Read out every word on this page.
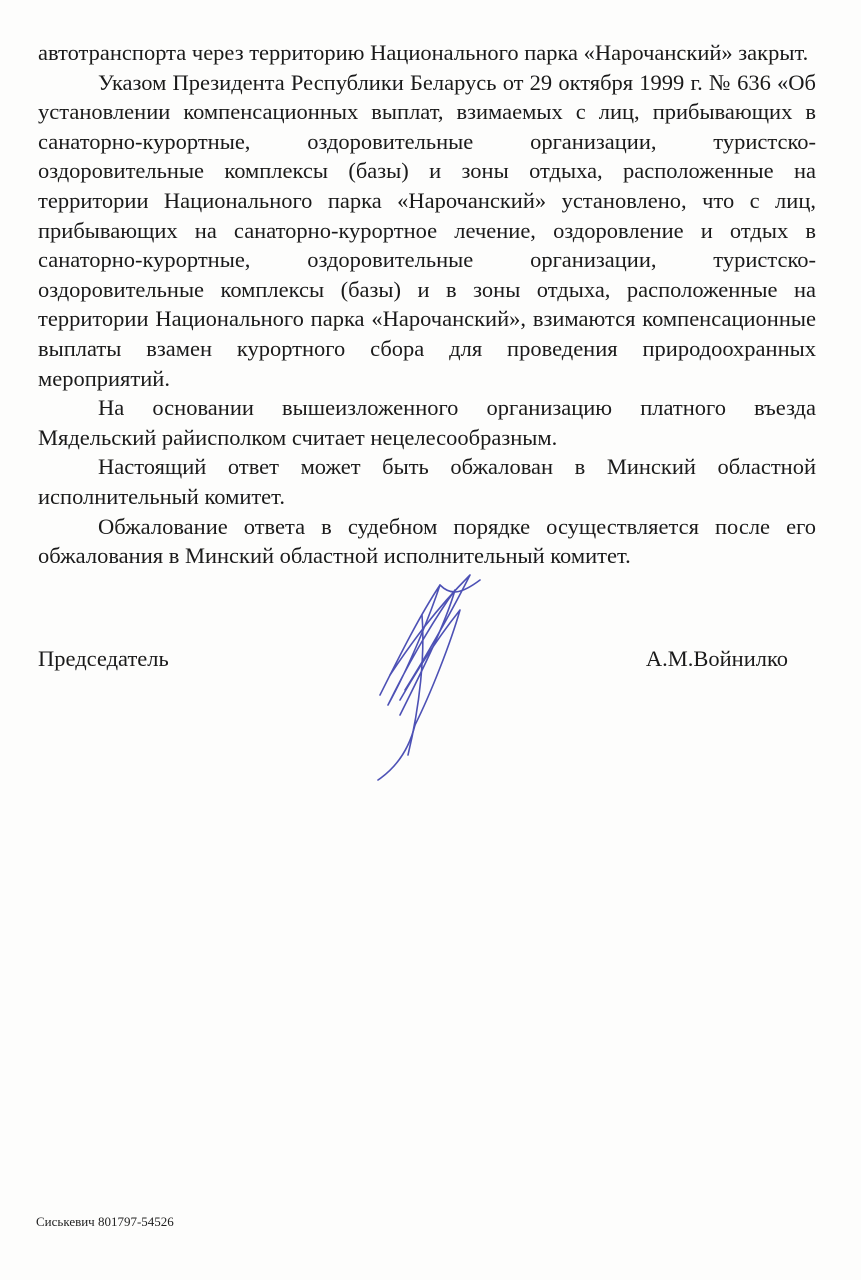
автотранспорта через территорию Национального парка «Нарочанский» закрыт.

Указом Президента Республики Беларусь от 29 октября 1999 г. № 636 «Об установлении компенсационных выплат, взимаемых с лиц, прибывающих в санаторно-курортные, оздоровительные организации, туристско-оздоровительные комплексы (базы) и зоны отдыха, расположенные на территории Национального парка «Нарочанский» установлено, что с лиц, прибывающих на санаторно-курортное лечение, оздоровление и отдых в санаторно-курортные, оздоровительные организации, туристско-оздоровительные комплексы (базы) и в зоны отдыха, расположенные на территории Национального парка «Нарочанский», взимаются компенсационные выплаты взамен курортного сбора для проведения природоохранных мероприятий.

На основании вышеизложенного организацию платного въезда Мядельский райисполком считает нецелесообразным.

Настоящий ответ может быть обжалован в Минский областной исполнительный комитет.

Обжалование ответа в судебном порядке осуществляется после его обжалования в Минский областной исполнительный комитет.

Председатель	А.М.Войнилко
Сиськевич 801797-54526
